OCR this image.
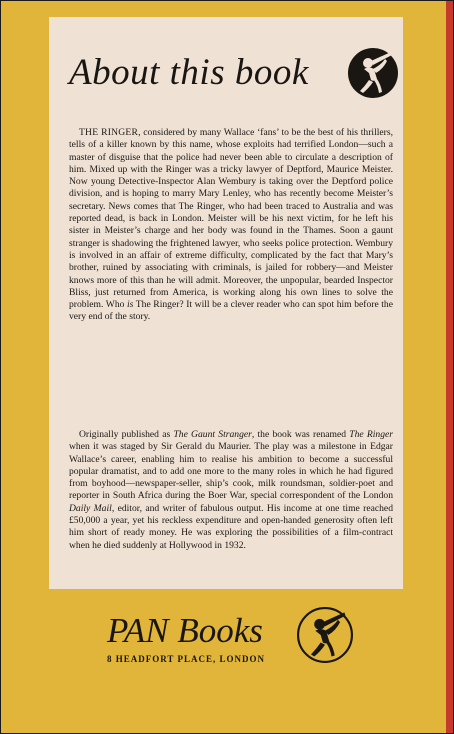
About this book

THE RINGER, considered by many Wallace ‘fans’ to be the best of his thrillers, tells of a killer known by this name, whose exploits had terrified London—such a master of disguise that the police had never been able to circulate a description of him. Mixed up with the Ringer was a tricky lawyer of Deptford, Maurice Meister. Now young Detective-Inspector Alan Wembury is taking over the Deptford police division, and is hoping to marry Mary Lenley, who has recently become Meister’s secretary. News comes that The Ringer, who had been traced to Australia and was reported dead, is back in London. Meister will be his next victim, for he left his sister in Meister’s charge and her body was found in the Thames. Soon a gaunt stranger is shadowing the frightened lawyer, who seeks police protection. Wembury is involved in an affair of extreme difficulty, complicated by the fact that Mary’s brother, ruined by associating with criminals, is jailed for robbery—and Meister knows more of this than he will admit. Moreover, the unpopular, bearded Inspector Bliss, just returned from America, is working along his own lines to solve the problem. Who is The Ringer? It will be a clever reader who can spot him before the very end of the story.

Originally published as The Gaunt Stranger, the book was renamed The Ringer when it was staged by Sir Gerald du Maurier. The play was a milestone in Edgar Wallace’s career, enabling him to realise his ambition to become a successful popular dramatist, and to add one more to the many roles in which he had figured from boyhood—newspaper-seller, ship’s cook, milk roundsman, soldier-poet and reporter in South Africa during the Boer War, special correspondent of the London Daily Mail, editor, and writer of fabulous output. His income at one time reached £50,000 a year, yet his reckless expenditure and open-handed generosity often left him short of ready money. He was exploring the possibilities of a film-contract when he died suddenly at Hollywood in 1932.

PAN Books
8 HEADFORT PLACE, LONDON
